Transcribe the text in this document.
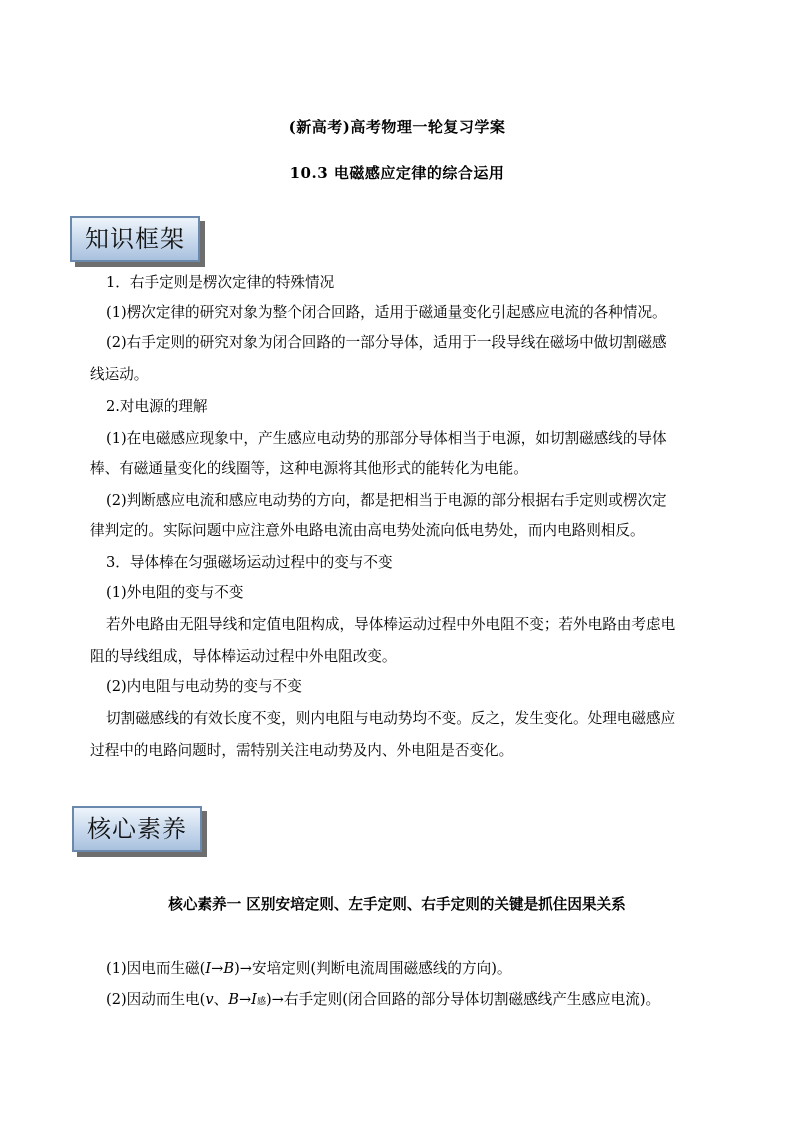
(新高考)高考物理一轮复习学案
10.3 电磁感应定律的综合运用
知识框架
1．右手定则是楞次定律的特殊情况
(1)楞次定律的研究对象为整个闭合回路，适用于磁通量变化引起感应电流的各种情况。
(2)右手定则的研究对象为闭合回路的一部分导体，适用于一段导线在磁场中做切割磁感
线运动。
2.对电源的理解
(1)在电磁感应现象中，产生感应电动势的那部分导体相当于电源，如切割磁感线的导体
棒、有磁通量变化的线圈等，这种电源将其他形式的能转化为电能。
(2)判断感应电流和感应电动势的方向，都是把相当于电源的部分根据右手定则或楞次定
律判定的。实际问题中应注意外电路电流由高电势处流向低电势处，而内电路则相反。
3．导体棒在匀强磁场运动过程中的变与不变
(1)外电阻的变与不变
若外电路由无阻导线和定值电阻构成，导体棒运动过程中外电阻不变；若外电路由考虑电
阻的导线组成，导体棒运动过程中外电阻改变。
(2)内电阻与电动势的变与不变
切割磁感线的有效长度不变，则内电阻与电动势均不变。反之，发生变化。处理电磁感应
过程中的电路问题时，需特别关注电动势及内、外电阻是否变化。
核心素养
核心素养一 区别安培定则、左手定则、右手定则的关键是抓住因果关系
(1)因电而生磁(I→B)→安培定则(判断电流周围磁感线的方向)。
(2)因动而生电(v、B→I感)→右手定则(闭合回路的部分导体切割磁感线产生感应电流)。
